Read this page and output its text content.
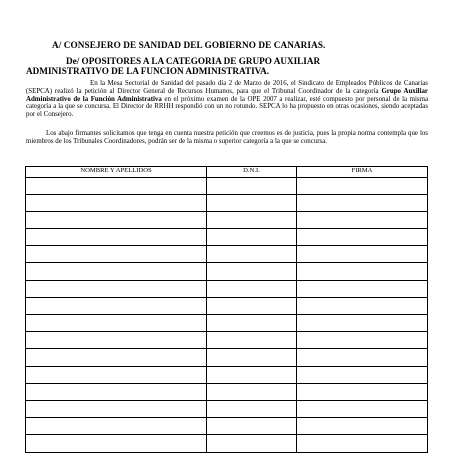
A/ CONSEJERO DE SANIDAD DEL GOBIERNO DE CANARIAS.
De/ OPOSITORES A LA CATEGORIA DE GRUPO AUXILIAR
ADMINISTRATIVO DE LA FUNCION ADMINISTRATIVA.
En la Mesa Sectorial de Sanidad del pasado día 2 de Marzo de 2016, el Sindicato de Empleados Públicos de Canarias (SEPCA) realizó la petición al Director General de Recursos Humanos, para que el Tribunal Coordinador de la categoría Grupo Auxiliar Administrativo de la Función Administrativa en el próximo examen de la OPE 2007 a realizar, esté compuesto por personal de la misma categoría a la que se concursa. El Director de RRHH respondió con un no rotundo. SEPCA lo ha propuesto en otras ocasiones, siendo aceptadas por el Consejero.
Los abajo firmantes solicitamos que tenga en cuenta nuestra petición que creemos es de justicia, pues la propia norma contempla que los miembros de los Tribunales Coordinadores, podrán ser de la misma o superior categoría a la que se concursa.
NOMBRE Y APELLIDOS	D.N.I.	FIRMA
